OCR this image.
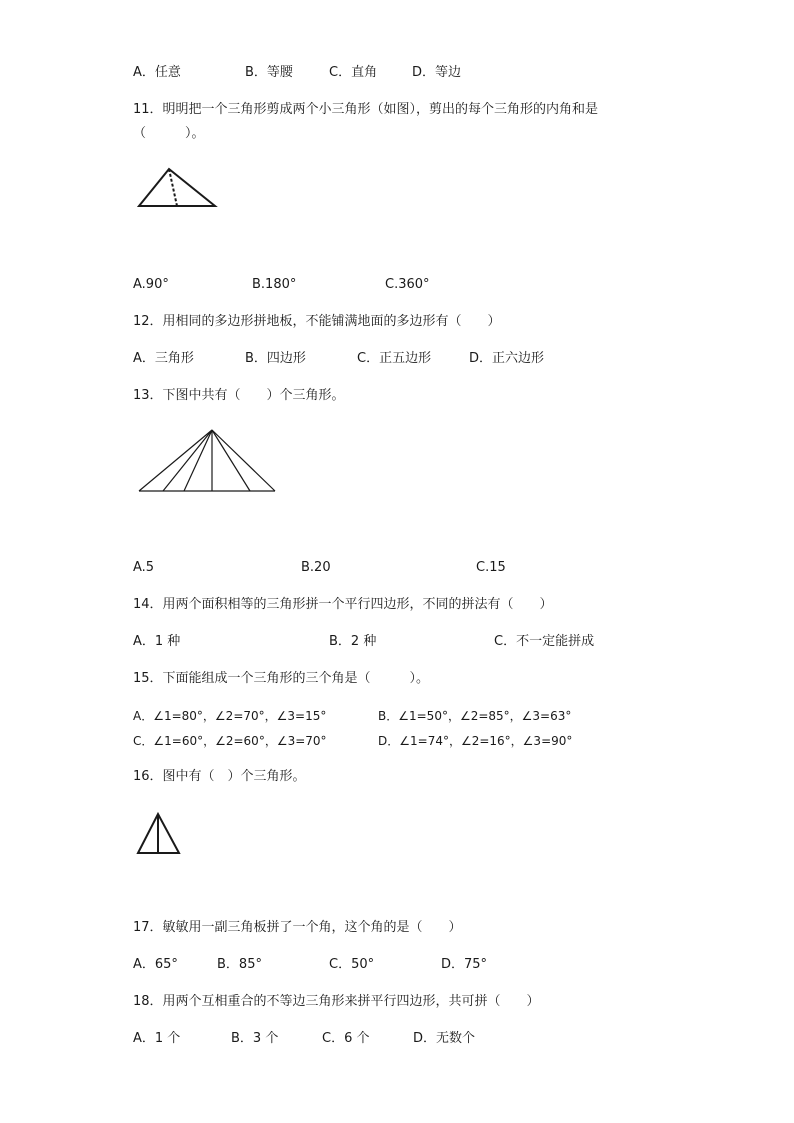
A．任意	B．等腰	C．直角	D．等边
11．明明把一个三角形剪成两个小三角形（如图），剪出的每个三角形的内角和是
（　　　）。
A.90°	B.180°	C.360°
12．用相同的多边形拼地板，不能铺满地面的多边形有（　　）
A．三角形	B．四边形	C．正五边形	D．正六边形
13．下图中共有（　　）个三角形。
A.5	B.20	C.15
14．用两个面积相等的三角形拼一个平行四边形，不同的拼法有（　　）
A．1 种	B．2 种	C．不一定能拼成
15．下面能组成一个三角形的三个角是（　　　）。
A．∠1=80°，∠2=70°，∠3=15°	B．∠1=50°，∠2=85°，∠3=63°
C．∠1=60°，∠2=60°，∠3=70°	D．∠1=74°，∠2=16°，∠3=90°
16．图中有（　）个三角形。
17．敏敏用一副三角板拼了一个角，这个角的是（　　）
A．65°	B．85°	C．50°	D．75°
18．用两个互相重合的不等边三角形来拼平行四边形，共可拼（　　）
A．1 个	B．3 个	C．6 个	D．无数个
